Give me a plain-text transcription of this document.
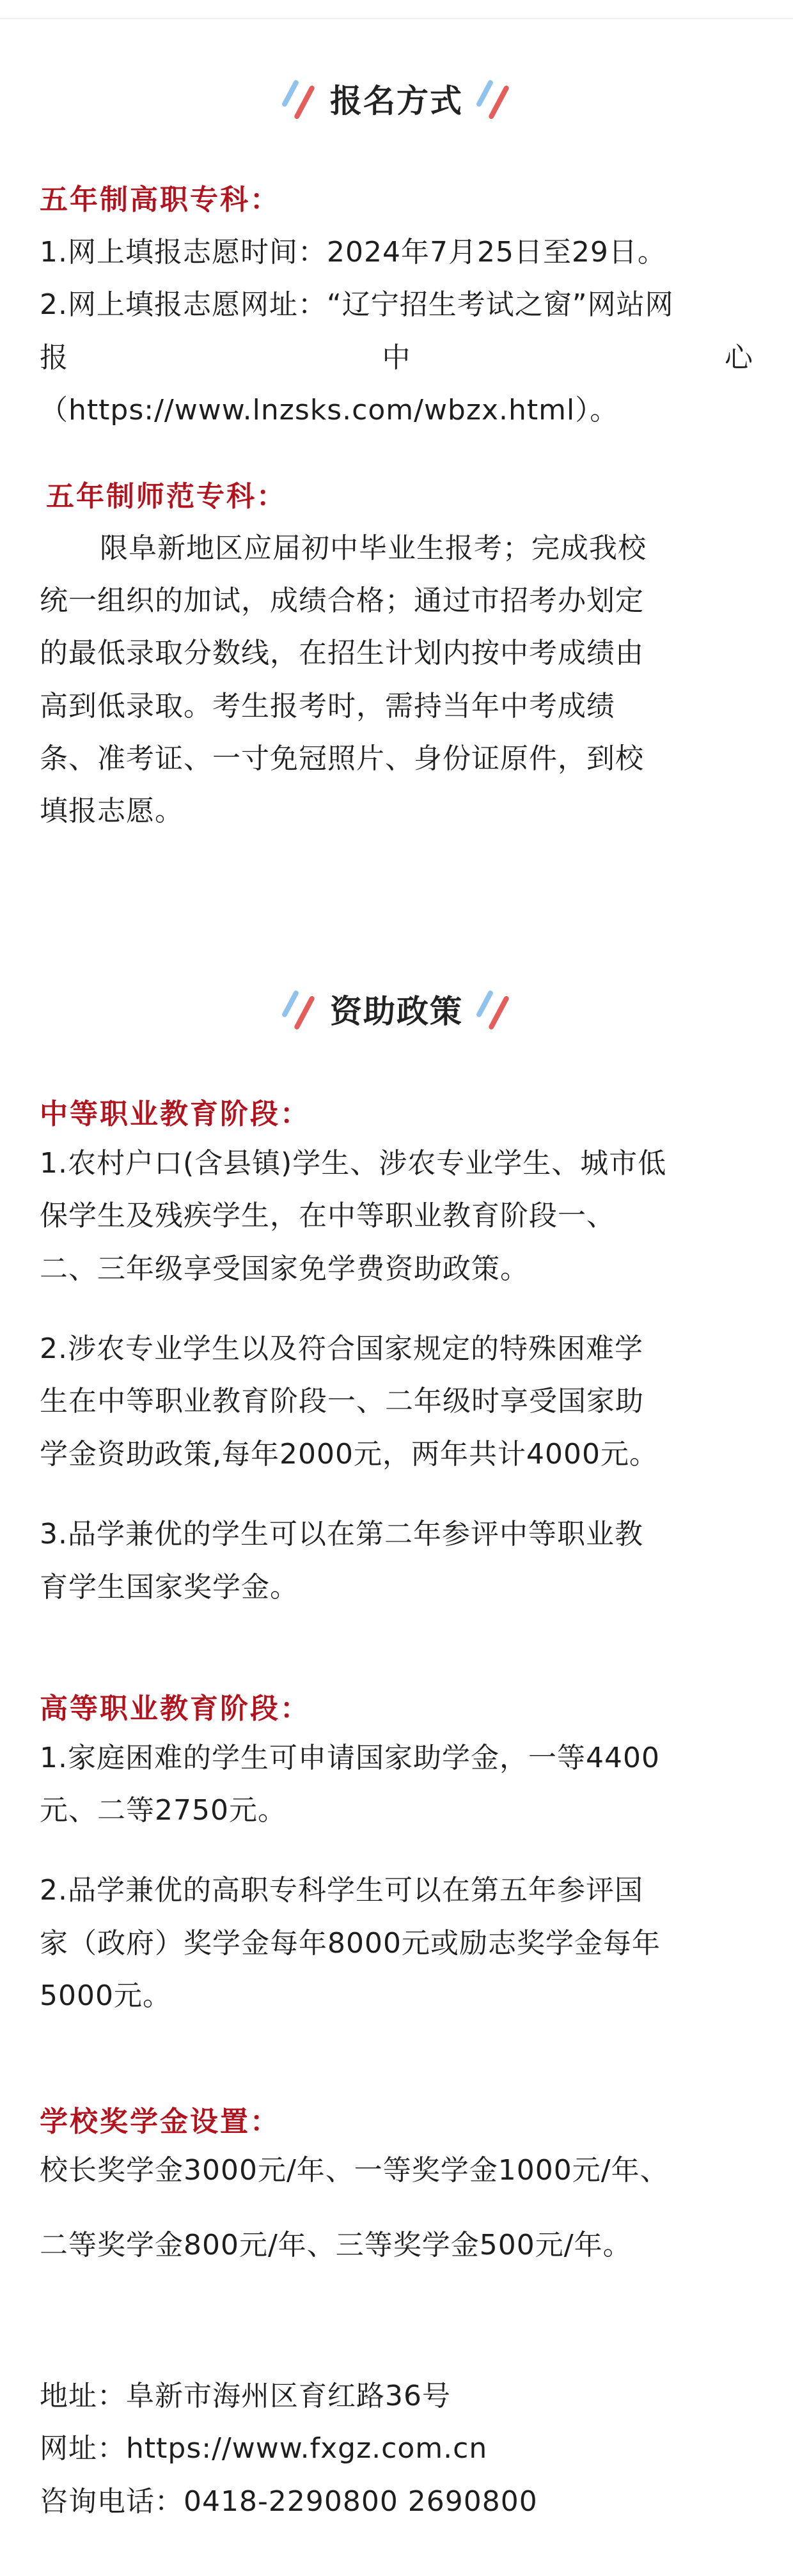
报名方式
五年制高职专科：
1.网上填报志愿时间：2024年7月25日至29日。
2.网上填报志愿网址：“辽宁招生考试之窗”网站网
报	中	心
（https://www.lnzsks.com/wbzx.html）。
五年制师范专科：
限阜新地区应届初中毕业生报考；完成我校
统一组织的加试，成绩合格；通过市招考办划定
的最低录取分数线，在招生计划内按中考成绩由
高到低录取。考生报考时，需持当年中考成绩
条、准考证、一寸免冠照片、身份证原件，到校
填报志愿。
资助政策
中等职业教育阶段：
1.农村户口(含县镇)学生、涉农专业学生、城市低
保学生及残疾学生，在中等职业教育阶段一、
二、三年级享受国家免学费资助政策。
2.涉农专业学生以及符合国家规定的特殊困难学
生在中等职业教育阶段一、二年级时享受国家助
学金资助政策,每年2000元，两年共计4000元。
3.品学兼优的学生可以在第二年参评中等职业教
育学生国家奖学金。
高等职业教育阶段：
1.家庭困难的学生可申请国家助学金，一等4400
元、二等2750元。
2.品学兼优的高职专科学生可以在第五年参评国
家（政府）奖学金每年8000元或励志奖学金每年
5000元。
学校奖学金设置：
校长奖学金3000元/年、一等奖学金1000元/年、
二等奖学金800元/年、三等奖学金500元/年。
地址：阜新市海州区育红路36号
网址：https://www.fxgz.com.cn
咨询电话：0418-2290800 2690800
